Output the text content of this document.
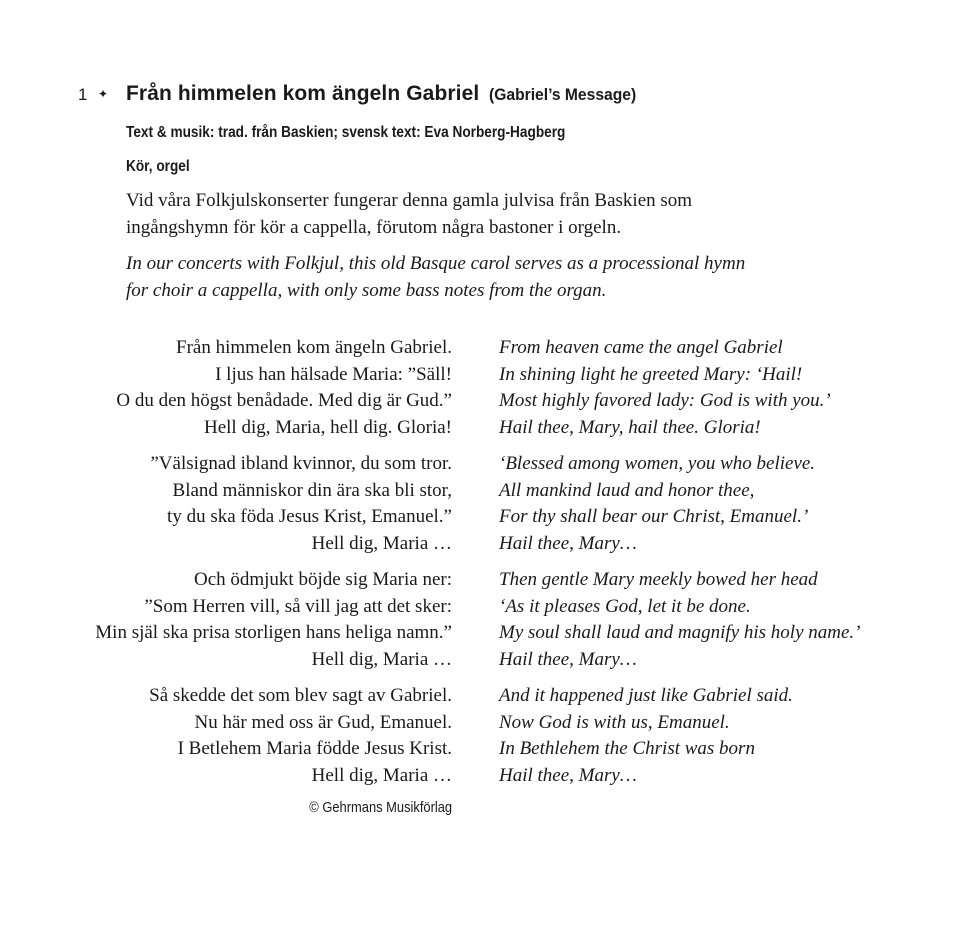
1 ✦ Från himmelen kom ängeln Gabriel (Gabriel’s Message)
Text & musik: trad. från Baskien; svensk text: Eva Norberg-Hagberg
Kör, orgel

Vid våra Folkjulskonserter fungerar denna gamla julvisa från Baskien som

ingångshymn för kör a cappella, förutom några bastoner i orgeln.

In our concerts with Folkjul, this old Basque carol serves as a processional hymn

for choir a cappella, with only some bass notes from the organ.

Från himmelen kom ängeln Gabriel.
I ljus han hälsade Maria: ”Säll!
O du den högst benådade. Med dig är Gud.”
Hell dig, Maria, hell dig. Gloria!
From heaven came the angel Gabriel
In shining light he greeted Mary: ‘Hail!
Most highly favored lady: God is with you.’
Hail thee, Mary, hail thee. Gloria!
”Välsignad ibland kvinnor, du som tror.
Bland människor din ära ska bli stor,
ty du ska föda Jesus Krist, Emanuel.”
Hell dig, Maria …
‘Blessed among women, you who believe.
All mankind laud and honor thee,
For thy shall bear our Christ, Emanuel.’
Hail thee, Mary…
Och ödmjukt böjde sig Maria ner:
”Som Herren vill, så vill jag att det sker:
Min själ ska prisa storligen hans heliga namn.”
Hell dig, Maria …
Then gentle Mary meekly bowed her head
‘As it pleases God, let it be done.
My soul shall laud and magnify his holy name.’
Hail thee, Mary…
Så skedde det som blev sagt av Gabriel.
Nu här med oss är Gud, Emanuel.
I Betlehem Maria födde Jesus Krist.
Hell dig, Maria …
And it happened just like Gabriel said.
Now God is with us, Emanuel.
In Bethlehem the Christ was born
Hail thee, Mary…
© Gehrmans Musikförlag
